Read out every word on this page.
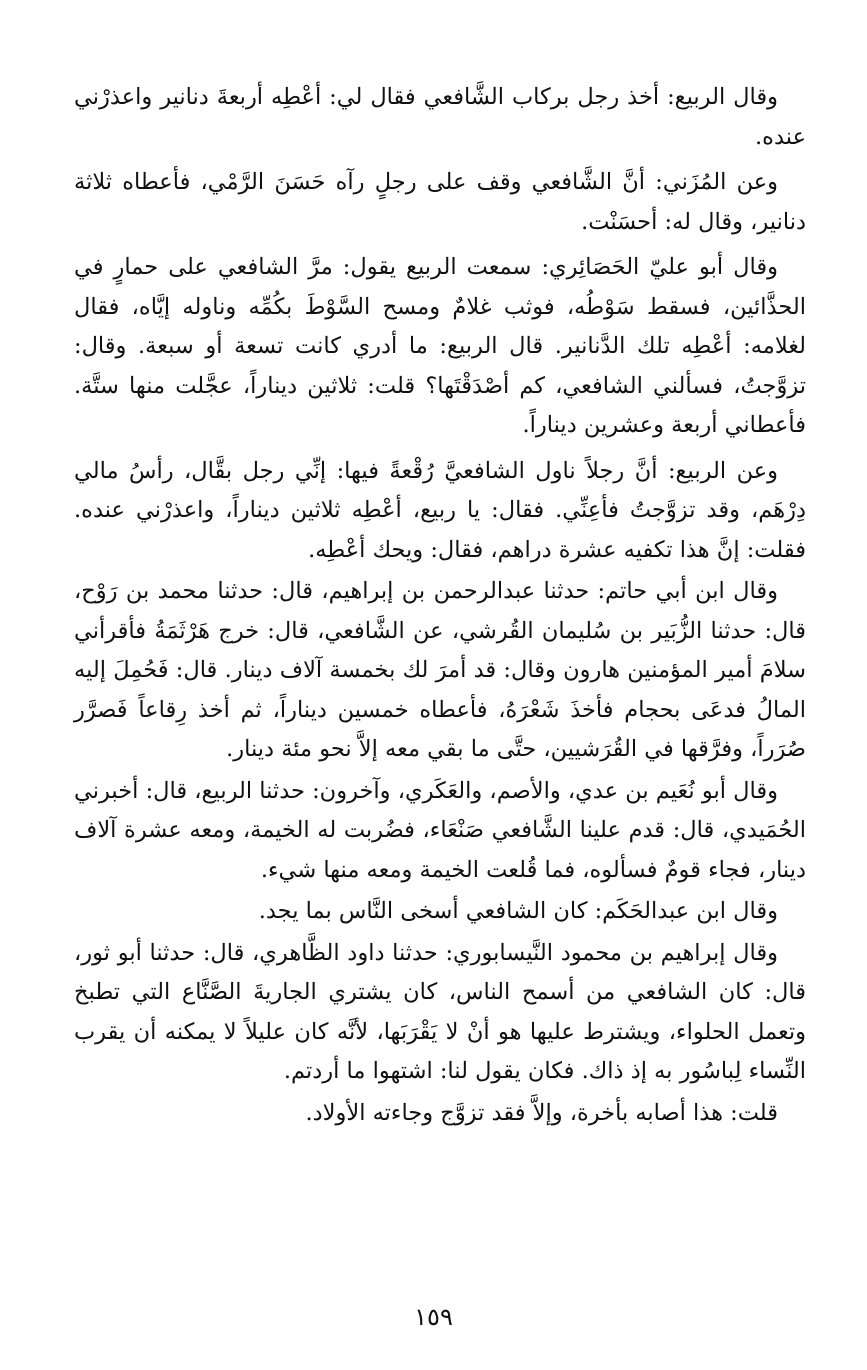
وقال الربيع: أخذ رجل بركاب الشَّافعي فقال لي: أعْطِه أربعةَ دنانير واعذرْني عنده.

وعن المُزَني: أنَّ الشَّافعي وقف على رجلٍ رآه حَسَنَ الرَّمْي، فأعطاه ثلاثة دنانير، وقال له: أحسَنْت.

وقال أبو عليّ الحَصَائِري: سمعت الربيع يقول: مرَّ الشافعي على حمارٍ في الحذَّائين، فسقط سَوْطُه، فوثب غلامٌ ومسح السَّوْطَ بكُمِّه وناوله إيَّاه، فقال لغلامه: أعْطِه تلك الدَّنانير. قال الربيع: ما أدري كانت تسعة أو سبعة. وقال: تزوَّجتُ، فسألني الشافعي، كم أصْدَقْتَها؟ قلت: ثلاثين ديناراً، عجَّلت منها ستَّة. فأعطاني أربعة وعشرين ديناراً.

وعن الربيع: أنَّ رجلاً ناول الشافعيَّ رُقْعةً فيها: إنِّي رجل بقَّال، رأسُ مالي دِرْهَم، وقد تزوَّجتُ فأعِنِّي. فقال: يا ربيع، أعْطِه ثلاثين ديناراً، واعذرْني عنده. فقلت: إنَّ هذا تكفيه عشرة دراهم، فقال: ويحك أعْطِه.

وقال ابن أبي حاتم: حدثنا عبدالرحمن بن إبراهيم، قال: حدثنا محمد بن رَوْح، قال: حدثنا الزُّبَير بن سُليمان القُرشي، عن الشَّافعي، قال: خرج هَرْثَمَةُ فأقرأني سلامَ أمير المؤمنين هارون وقال: قد أمرَ لك بخمسة آلاف دينار. قال: فَحُمِلَ إليه المالُ فدعَى بحجام فأخذَ شَعْرَهُ، فأعطاه خمسين ديناراً، ثم أخذ رِقاعاً فَصرَّر صُرَراً، وفرَّقها في القُرَشيين، حتَّى ما بقي معه إلاَّ نحو مئة دينار.

وقال أبو نُعَيم بن عدي، والأصم، والعَكَري، وآخرون: حدثنا الربيع، قال: أخبرني الحُمَيدي، قال: قدم علينا الشَّافعي صَنْعَاء، فضُربت له الخيمة، ومعه عشرة آلاف دينار، فجاء قومٌ فسألوه، فما قُلعت الخيمة ومعه منها شيء.

وقال ابن عبدالحَكَم: كان الشافعي أسخى النَّاس بما يجد.

وقال إبراهيم بن محمود النَّيسابوري: حدثنا داود الظَّاهري، قال: حدثنا أبو ثور، قال: كان الشافعي من أسمح الناس، كان يشتري الجاريةَ الصَّنَّاع التي تطبخ وتعمل الحلواء، ويشترط عليها هو أنْ لا يَقْرَبَها، لأنَّه كان عليلاً لا يمكنه أن يقرب النِّساء لِباسُور به إذ ذاك. فكان يقول لنا: اشتهوا ما أردتم.

قلت: هذا أصابه بأخرة، وإلاَّ فقد تزوَّج وجاءته الأولاد.

١٥٩
